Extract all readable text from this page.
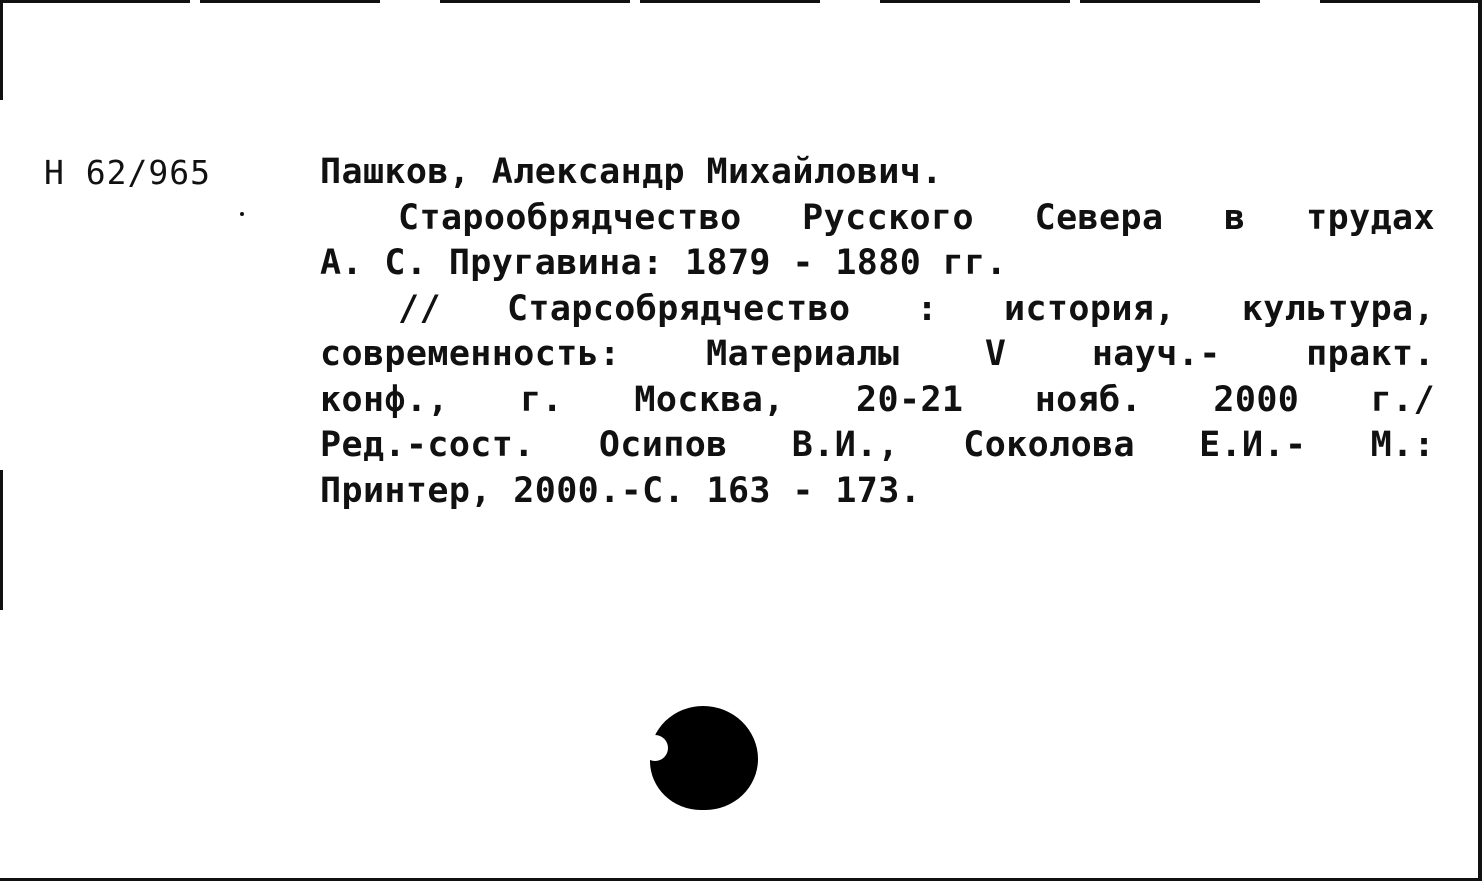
Н 62/965	Пашков, Александр Михайлович.
Старообрядчество Русского Севера в трудах
А. С. Пругавина: 1879 - 1880 гг.
// Старсобрядчество : история, культура,
современность: Материалы V науч.- практ.
конф., г. Москва, 20-21 нояб. 2000 г./
Ред.-сост. Осипов В.И., Соколова Е.И.- М.:
Принтер, 2000.-С. 163 - 173.
